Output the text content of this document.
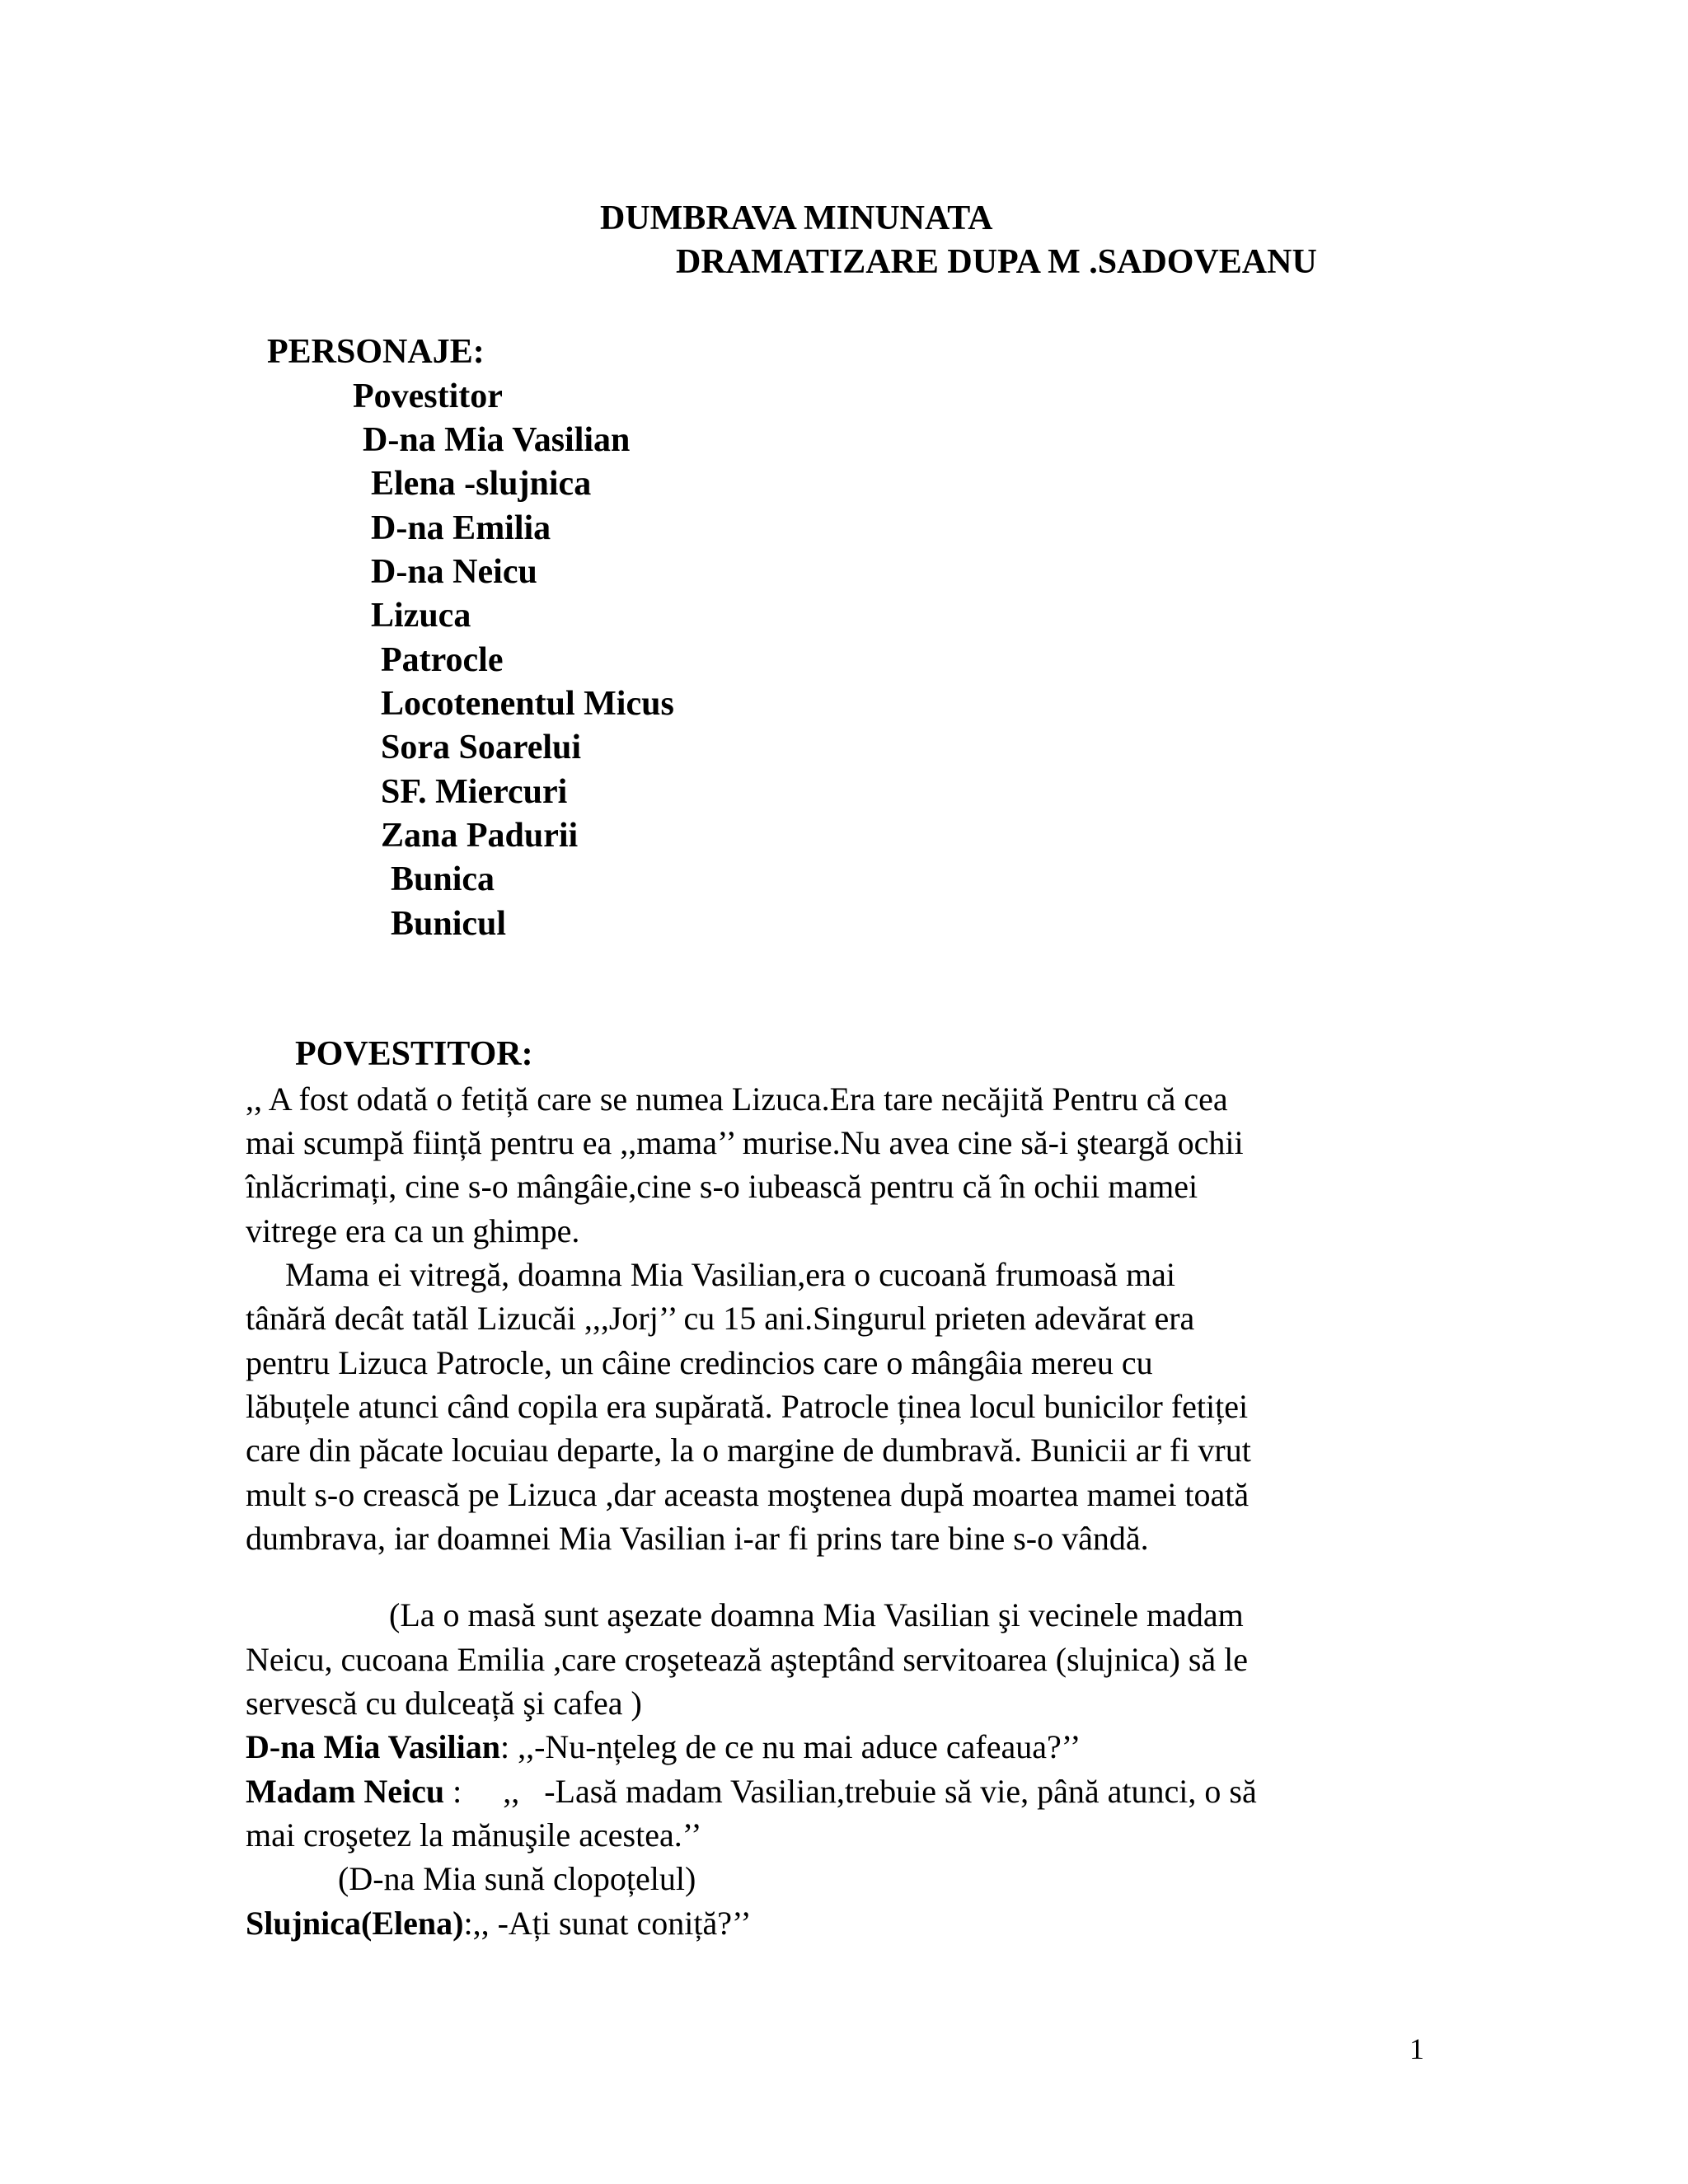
DUMBRAVA MINUNATA
DRAMATIZARE DUPA M .SADOVEANU
PERSONAJE:
Povestitor
D-na Mia Vasilian
Elena -slujnica
D-na Emilia
D-na Neicu
Lizuca
Patrocle
Locotenentul Micus
Sora Soarelui
SF. Miercuri
Zana Padurii
Bunica
Bunicul
POVESTITOR:
,, A fost odată o fetiță care se numea Lizuca.Era tare necăjită Pentru că cea
mai scumpă ființă pentru ea ,,mama’’ murise.Nu avea cine să-i şteargă ochii
înlăcrimați, cine s-o mângâie,cine s-o iubească pentru că în ochii mamei
vitrege era ca un ghimpe.
Mama ei vitregă, doamna Mia Vasilian,era o cucoană frumoasă mai
tânără decât tatăl Lizucăi ,,,Jorj’’ cu 15 ani.Singurul prieten adevărat era
pentru Lizuca Patrocle, un câine credincios care o mângâia mereu cu
lăbuțele atunci când copila era supărată. Patrocle ținea locul bunicilor fetiței
care din păcate locuiau departe, la o margine de dumbravă. Bunicii ar fi vrut
mult s-o crească pe Lizuca ,dar aceasta moştenea după moartea mamei toată
dumbrava, iar doamnei Mia Vasilian i-ar fi prins tare bine s-o vândă.
(La o masă sunt aşezate doamna Mia Vasilian şi vecinele madam
Neicu, cucoana Emilia ,care croşetează aşteptând servitoarea (slujnica) să le
servescă cu dulceață şi cafea )
D-na Mia Vasilian: ,,-Nu-nțeleg de ce nu mai aduce cafeaua?’’
Madam Neicu :     ,,   -Lasă madam Vasilian,trebuie să vie, până atunci, o să
mai croşetez la mănuşile acestea.’’
(D-na Mia sună clopoțelul)
Slujnica(Elena):,, -Ați sunat coniță?’’
1
